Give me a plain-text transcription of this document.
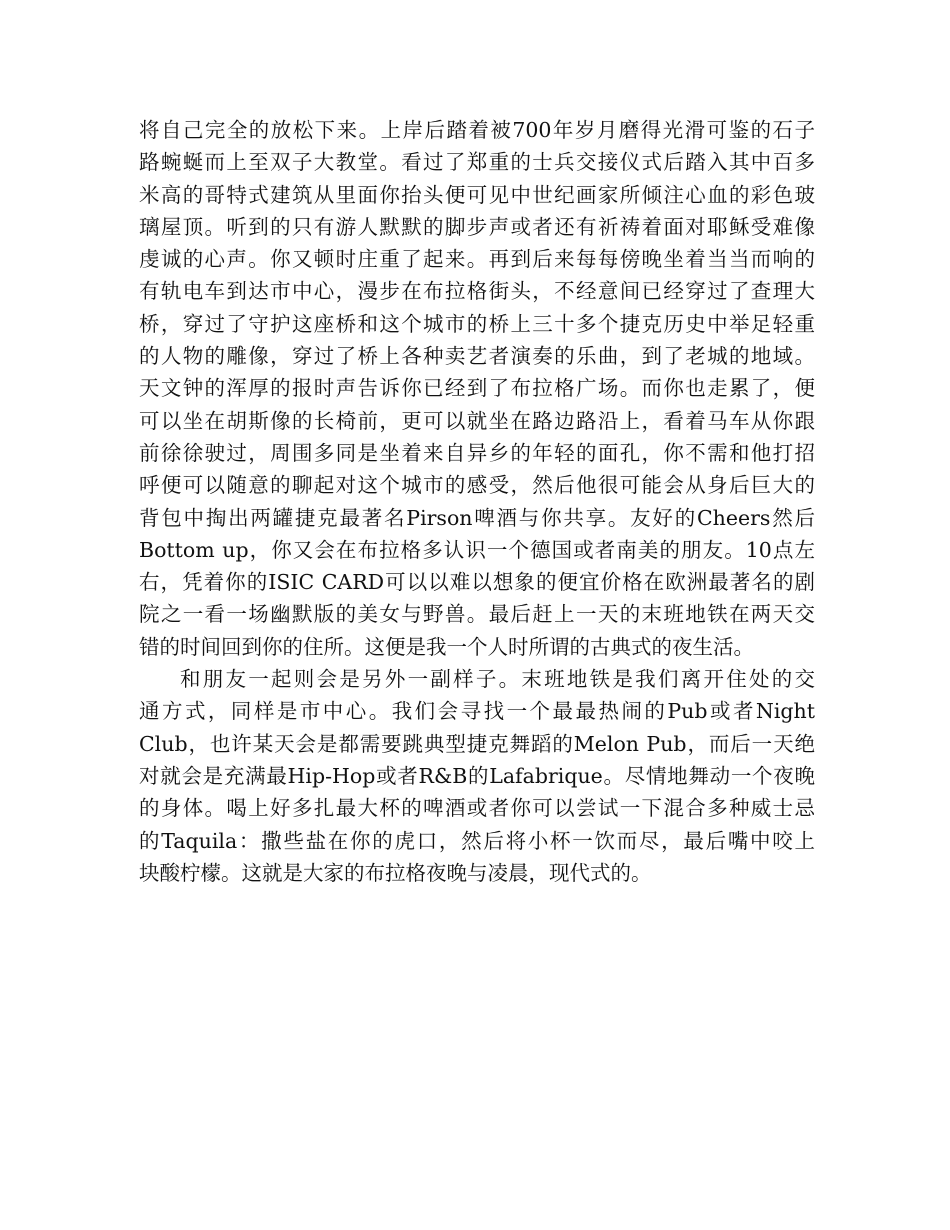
将自己完全的放松下来。上岸后踏着被700年岁月磨得光滑可鉴的石子
路蜿蜒而上至双子大教堂。看过了郑重的士兵交接仪式后踏入其中百多
米高的哥特式建筑从里面你抬头便可见中世纪画家所倾注心血的彩色玻
璃屋顶。听到的只有游人默默的脚步声或者还有祈祷着面对耶稣受难像
虔诚的心声。你又顿时庄重了起来。再到后来每每傍晚坐着当当而响的
有轨电车到达市中心，漫步在布拉格街头，不经意间已经穿过了查理大
桥，穿过了守护这座桥和这个城市的桥上三十多个捷克历史中举足轻重
的人物的雕像，穿过了桥上各种卖艺者演奏的乐曲，到了老城的地域。
天文钟的浑厚的报时声告诉你已经到了布拉格广场。而你也走累了，便
可以坐在胡斯像的长椅前，更可以就坐在路边路沿上，看着马车从你跟
前徐徐驶过，周围多同是坐着来自异乡的年轻的面孔，你不需和他打招
呼便可以随意的聊起对这个城市的感受，然后他很可能会从身后巨大的
背包中掏出两罐捷克最著名Pirson啤酒与你共享。友好的Cheers然后
Bottom up，你又会在布拉格多认识一个德国或者南美的朋友。10点左
右，凭着你的ISIC CARD可以以难以想象的便宜价格在欧洲最著名的剧
院之一看一场幽默版的美女与野兽。最后赶上一天的末班地铁在两天交
错的时间回到你的住所。这便是我一个人时所谓的古典式的夜生活。
和朋友一起则会是另外一副样子。末班地铁是我们离开住处的交
通方式，同样是市中心。我们会寻找一个最最热闹的Pub或者Night
Club，也许某天会是都需要跳典型捷克舞蹈的Melon Pub，而后一天绝
对就会是充满最Hip-Hop或者R&B的Lafabrique。尽情地舞动一个夜晚
的身体。喝上好多扎最大杯的啤酒或者你可以尝试一下混合多种威士忌
的Taquila：撒些盐在你的虎口，然后将小杯一饮而尽，最后嘴中咬上
块酸柠檬。这就是大家的布拉格夜晚与凌晨，现代式的。
